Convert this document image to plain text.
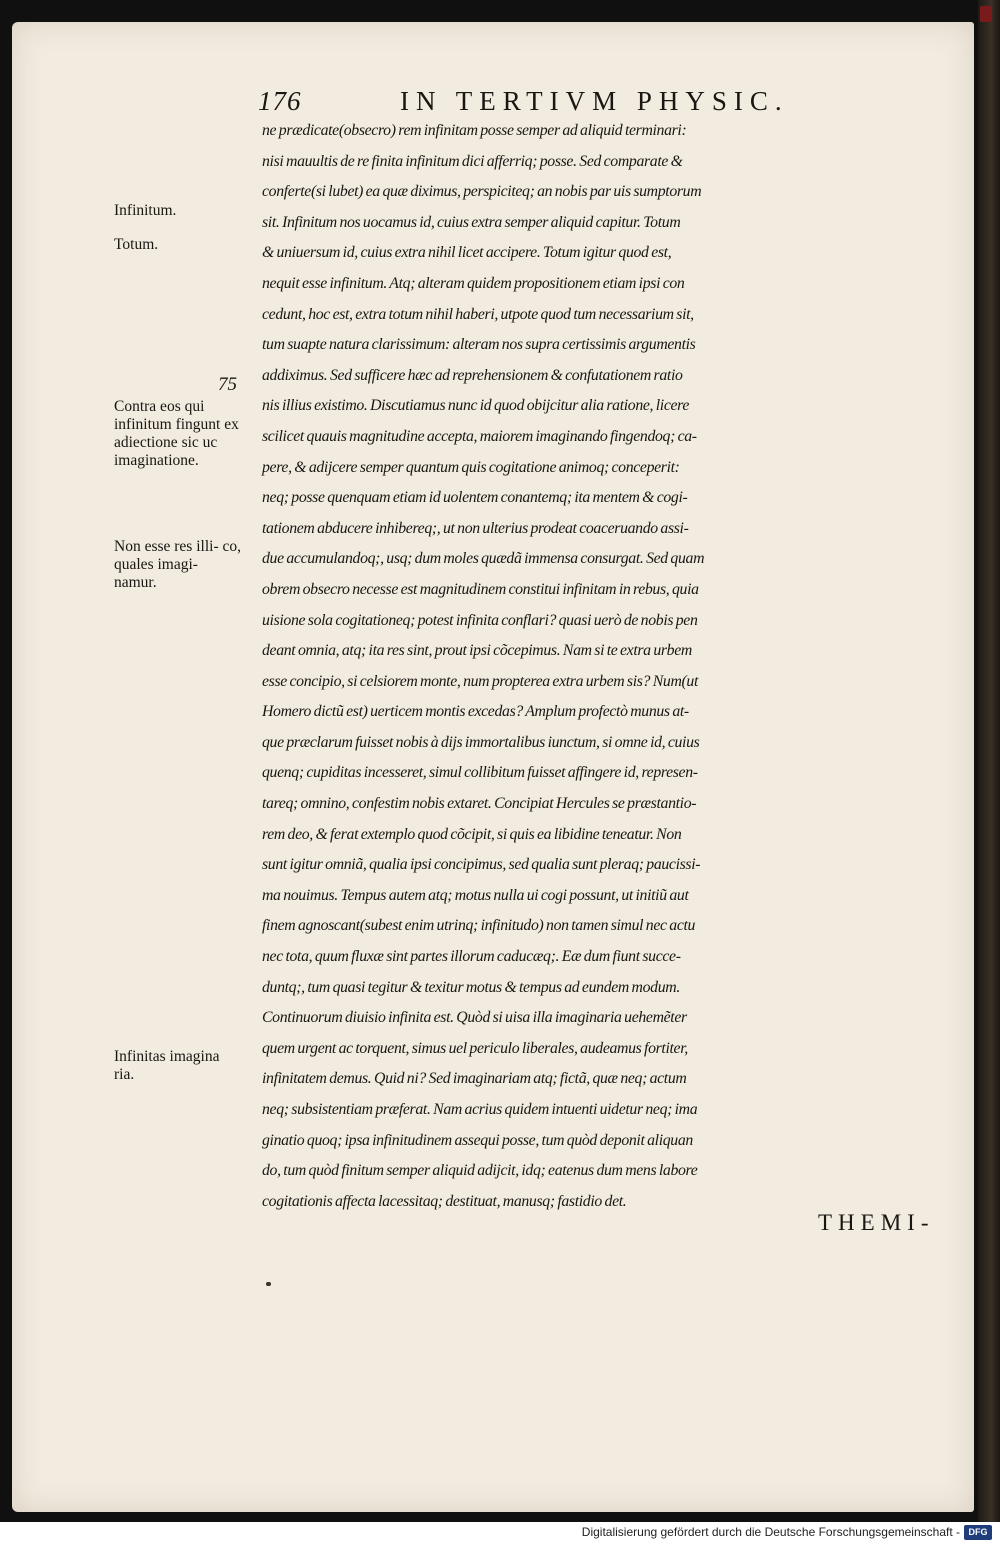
176	IN TERTIVM PHYSIC.
Infinitum.
Totum.
75
Contra eos qui infinitum fingunt ex adiectione sic uc imaginatione.
Non esse res illi- co, quales imagi- namur.
Infinitas imagina ria.
ne prædicate(obsecro) rem infinitam posse semper ad aliquid terminari:
nisi mauultis de re finita infinitum dici afferriq; posse. Sed comparate &
conferte(si lubet) ea quæ diximus, perspiciteq; an nobis par uis sumptorum
sit. Infinitum nos uocamus id, cuius extra semper aliquid capitur. Totum
& uniuersum id, cuius extra nihil licet accipere. Totum igitur quod est,
nequit esse infinitum. Atq; alteram quidem propositionem etiam ipsi con
cedunt, hoc est, extra totum nihil haberi, utpote quod tum necessarium sit,
tum suapte natura clarissimum: alteram nos supra certissimis argumentis
addiximus. Sed sufficere hæc ad reprehensionem & confutationem ratio
nis illius existimo. Discutiamus nunc id quod obijcitur alia ratione, licere
scilicet quauis magnitudine accepta, maiorem imaginando fingendoq; ca-
pere, & adijcere semper quantum quis cogitatione animoq; conceperit:
neq; posse quenquam etiam id uolentem conantemq; ita mentem & cogi-
tationem abducere inhibereq;, ut non ulterius prodeat coaceruando assi-
due accumulandoq;, usq; dum moles quædã immensa consurgat. Sed quam
obrem obsecro necesse est magnitudinem constitui infinitam in rebus, quia
uisione sola cogitationeq; potest infinita conflari? quasi uerò de nobis pen
deant omnia, atq; ita res sint, prout ipsi cõcepimus. Nam si te extra urbem
esse concipio, si celsiorem monte, num propterea extra urbem sis? Num(ut
Homero dictũ est) uerticem montis excedas? Amplum profectò munus at-
que præclarum fuisset nobis à dijs immortalibus iunctum, si omne id, cuius
quenq; cupiditas incesseret, simul collibitum fuisset affingere id, represen-
tareq; omnino, confestim nobis extaret. Concipiat Hercules se præstantio-
rem deo, & ferat extemplo quod cõcipit, si quis ea libidine teneatur. Non
sunt igitur omniã, qualia ipsi concipimus, sed qualia sunt pleraq; paucissi-
ma nouimus. Tempus autem atq; motus nulla ui cogi possunt, ut initiũ aut
finem agnoscant(subest enim utrinq; infinitudo) non tamen simul nec actu
nec tota, quum fluxæ sint partes illorum caducæq;. Eæ dum fiunt succe-
duntq;, tum quasi tegitur & texitur motus & tempus ad eundem modum.
Continuorum diuisio infinita est. Quòd si uisa illa imaginaria uehemẽter
quem urgent ac torquent, simus uel periculo liberales, audeamus fortiter,
infinitatem demus. Quid ni? Sed imaginariam atq; fictã, quæ neq; actum
neq; subsistentiam præferat. Nam acrius quidem intuenti uidetur neq; ima
ginatio quoq; ipsa infinitudinem assequi posse, tum quòd deponit aliquan
do, tum quòd finitum semper aliquid adijcit, idq; eatenus dum mens labore
cogitationis affecta lacessitaq; destituat, manusq; fastidio det.
THEMI-
Digitalisierung gefördert durch die Deutsche Forschungsgemeinschaft - DFG
